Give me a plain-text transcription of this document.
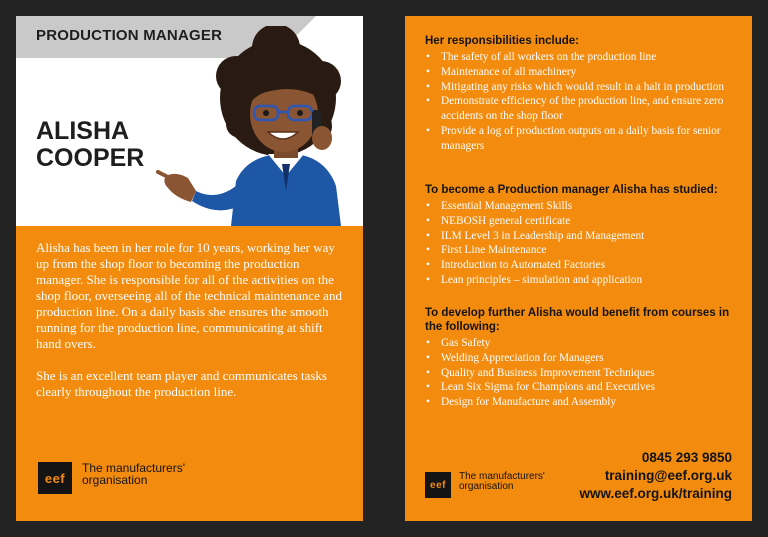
PRODUCTION MANAGER
ALISHA
COOPER

Alisha has been in her role for 10 years, working her way up from the shop floor to becoming the production manager. She is responsible for all of the activities on the shop floor, overseeing all of the technical maintenance and production line. On a daily basis she ensures the smooth running for the production line, communicating at shift hand overs.

She is an excellent team player and communicates tasks clearly throughout the production line.

eef
The manufacturers' organisation
Her responsibilities include:
• The safety of all workers on the production line
• Maintenance of all machinery
• Mitigating any risks which would result in a halt in production
• Demonstrate efficiency of the production line, and ensure zero accidents on the shop floor
• Provide a log of production outputs on a daily basis for senior managers
To become a Production manager Alisha has studied:
• Essential Management Skills
• NEBOSH general certificate
• ILM Level 3 in Leadership and Management
• First Line Maintenance
• Introduction to Automated Factories
• Lean principles – simulation and application
To develop further Alisha would benefit from courses in the following:
• Gas Safety
• Welding Appreciation for Managers
• Quality and Business Improvement Techniques
• Lean Six Sigma for Champions and Executives
• Design for Manufacture and Assembly
0845 293 9850
training@eef.org.uk
www.eef.org.uk/training
eef
The manufacturers' organisation
